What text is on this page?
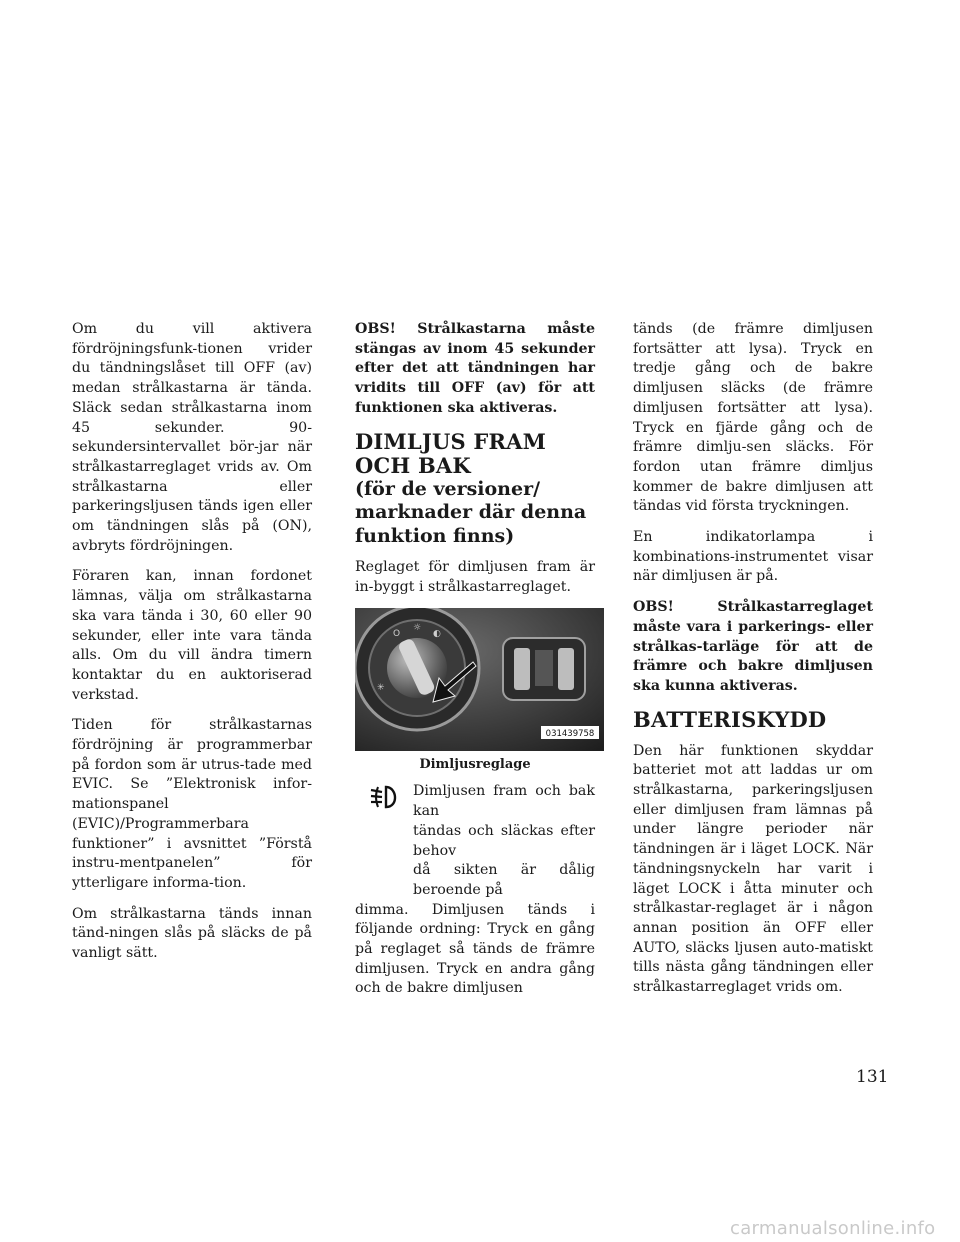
Om du vill aktivera fördröjningsfunk-tionen vrider du tändningslåset till OFF (av) medan strålkastarna är tända. Släck sedan strålkastarna inom 45 sekunder. 90-sekundersintervallet bör-jar när strålkastarreglaget vrids av. Om strålkastarna eller parkeringsljusen tänds igen eller om tändningen slås på (ON), avbryts fördröjningen.

Föraren kan, innan fordonet lämnas, välja om strålkastarna ska vara tända i 30, 60 eller 90 sekunder, eller inte vara tända alls. Om du vill ändra timern kontaktar du en auktoriserad verkstad.

Tiden för strålkastarnas fördröjning är programmerbar på fordon som är utrus-tade med EVIC. Se ”Elektronisk infor-mationspanel (EVIC)/Programmerbara funktioner” i avsnittet ”Förstå instru-mentpanelen” för ytterligare informa-tion.

Om strålkastarna tänds innan tänd-ningen slås på släcks de på vanligt sätt.

OBS! Strålkastarna måste stängas av inom 45 sekunder efter det att tändningen har vridits till OFF (av) för att funktionen ska aktiveras.

DIMLJUS FRAM OCH BAK
(för de versioner/ marknader där denna funktion finns)

Reglaget för dimljusen fram är in-byggt i strålkastarreglaget.

O
☼
◐
✳
031439758
Dimljusreglage

Dimljusen fram och bak kan
tändas och släckas efter behov
då sikten är dålig beroende på
dimma. Dimljusen tänds i följande ordning: Tryck en gång på reglaget så tänds de främre dimljusen. Tryck en andra gång och de bakre dimljusen

tänds (de främre dimljusen fortsätter att lysa). Tryck en tredje gång och de bakre dimljusen släcks (de främre dimljusen fortsätter att lysa). Tryck en fjärde gång och de främre dimlju-sen släcks. För fordon utan främre dimljus kommer de bakre dimljusen att tändas vid första tryckningen.

En indikatorlampa i kombinations-instrumentet visar när dimljusen är på.

OBS! Strålkastarreglaget måste vara i parkerings- eller strålkas-tarläge för att de främre och bakre dimljusen ska kunna aktiveras.

BATTERISKYDD

Den här funktionen skyddar batteriet mot att laddas ur om strålkastarna, parkeringsljusen eller dimljusen fram lämnas på under längre perioder när tändningen är i läget LOCK. När tändningsnyckeln har varit i läget LOCK i åtta minuter och strålkastar-reglaget är i någon annan position än OFF eller AUTO, släcks ljusen auto-matiskt tills nästa gång tändningen eller strålkastarreglaget vrids om.

131
carmanualsonline.info
